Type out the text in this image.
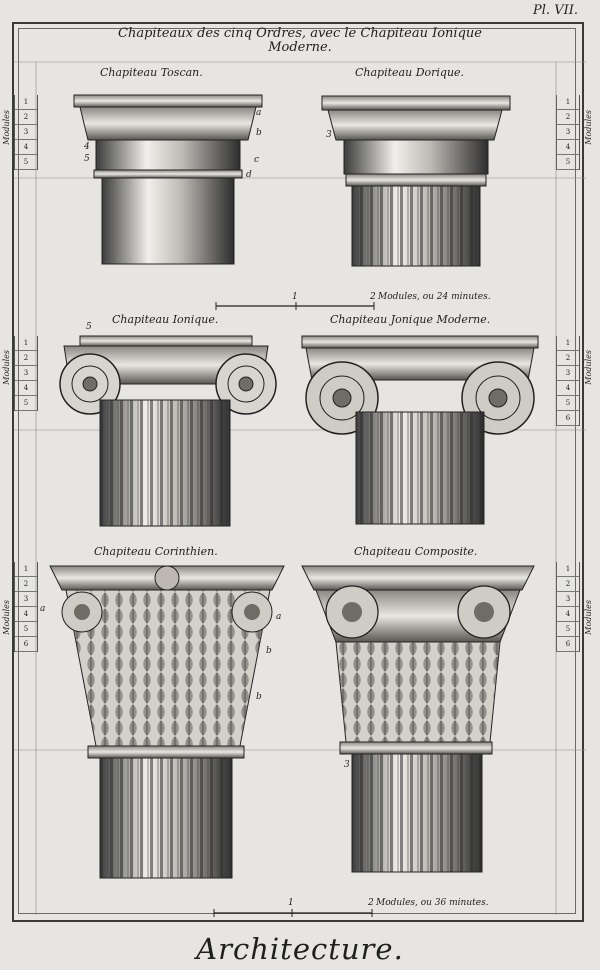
Pl. VII.
Chapiteaux des cinq Ordres, avec le Chapiteau Ionique
Moderne.
1
2
3
4
5
1
2
3
4
5
1
2
3
4
5
1
2
3
4
5
6
1
2
3
4
5
6
1
2
3
4
5
6
Modules	Modules
Modules	Modules
Modules	Modules
Chapiteau Toscan.	Chapiteau Dorique.
Chapiteau Ionique.	Chapiteau Jonique Moderne.
Chapiteau Corinthien.	Chapiteau Composite.
1	2 Modules, ou 24 minutes.
1	2 Modules, ou 36 minutes.
a
b
c
d
4
5
3
5
a
a
b
b
3
Architecture.
